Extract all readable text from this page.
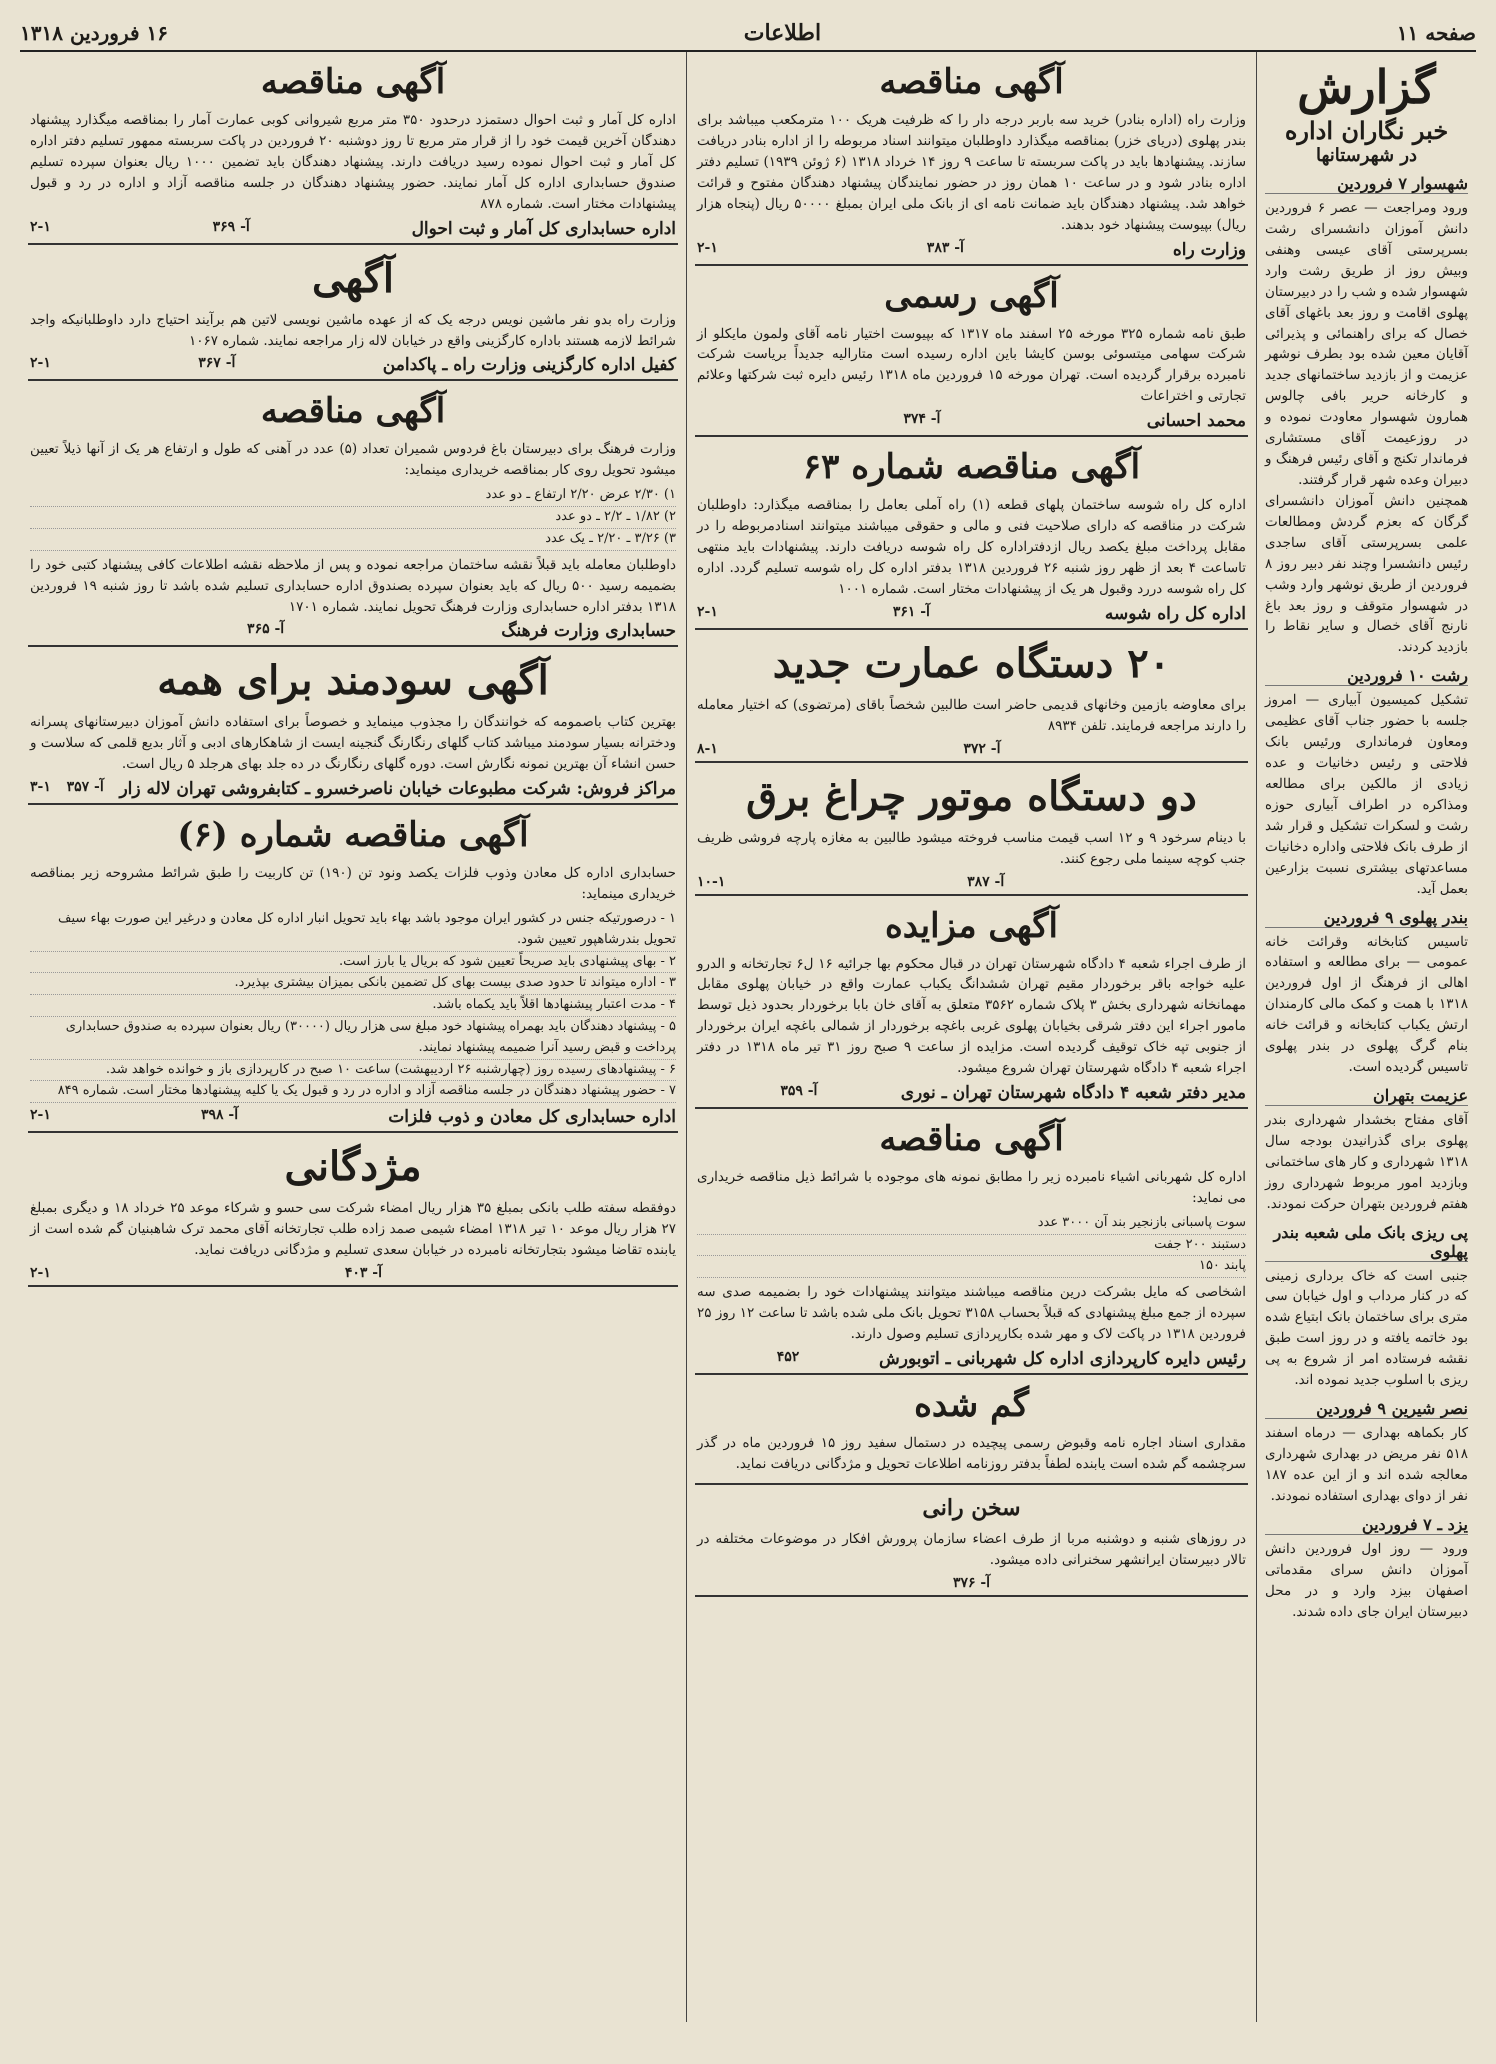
صفحه ۱۱
اطلاعات
۱۶ فروردین ۱۳۱۸
گزارش
خبر نگاران اداره
در شهرستانها
شهسوار ۷ فروردین
ورود ومراجعت — عصر ۶ فروردین دانش آموزان دانشسرای رشت بسرپرستی آقای عیسی وهنفی وبیش روز از طریق رشت وارد شهسوار شده و شب را در دبیرستان پهلوی اقامت و روز بعد باغهای آقای خصال که برای راهنمائی و پذیرائی آقایان معین شده بود بطرف نوشهر عزیمت و از بازدید ساختمانهای جدید و کارخانه حریر بافی چالوس همارون شهسوار معاودت نموده و در روزعیمت آقای مستشاری فرماندار تکنج و آقای رئیس فرهنگ و دبیران وعده شهر قرار گرفتند.
همچنین دانش آموزان دانشسرای گرگان که بعزم گردش ومطالعات علمی بسرپرستی آقای ساجدی رئیس دانشسرا وچند نفر دبیر روز ۸ فروردین از طریق نوشهر وارد وشب در شهسوار متوقف و روز بعد باغ نارنج آقای خصال و سایر نقاط را بازدید کردند.
رشت ۱۰ فروردین
تشکیل کمیسیون آبیاری — امروز جلسه با حضور جناب آقای عظیمی ومعاون فرمانداری ورئیس بانک فلاحتی و رئیس دخانیات و عده زیادی از مالکین برای مطالعه ومذاکره در اطراف آبیاری حوزه رشت و لسکرات تشکیل و قرار شد از طرف بانک فلاحتی واداره دخانیات مساعدتهای بیشتری نسبت بزارعین بعمل آید.
بندر پهلوی ۹ فروردین
تاسیس کتابخانه وقرائت خانه عمومی — برای مطالعه و استفاده اهالی از فرهنگ از اول فروردین ۱۳۱۸ با همت و کمک مالی کارمندان ارتش یکباب کتابخانه و قرائت خانه بنام گرگ پهلوی در بندر پهلوی تاسیس گردیده است.
عزیمت بتهران
آقای مفتاح بخشدار شهرداری بندر پهلوی برای گذرانیدن بودجه سال ۱۳۱۸ شهرداری و کار های ساختمانی وبازدید امور مربوط شهرداری روز هفتم فروردین بتهران حرکت نمودند.
پی ریزی بانک ملی شعبه بندر پهلوی
جنبی است که خاک برداری زمینی که در کنار مرداب و اول خیابان سی متری برای ساختمان بانک ابتیاع شده بود خاتمه یافته و در روز است طبق نقشه فرستاده امر از شروع به پی ریزی با اسلوب جدید نموده اند.
نصر شیرین ۹ فروردین
کار بکماهه بهداری — درماه اسفند ۵۱۸ نفر مریض در بهداری شهرداری معالجه شده اند و از این عده ۱۸۷ نفر از دوای بهداری استفاده نمودند.
یزد ـ ۷ فروردین
ورود — روز اول فروردین دانش آموزان دانش سرای مقدماتی اصفهان بیزد وارد و در محل دبیرستان ایران جای داده شدند.
آگهی مناقصه
وزارت راه (اداره بنادر) خرید سه باربر درجه دار را که ظرفیت هریک ۱۰۰ مترمکعب میباشد برای بندر پهلوی (دریای خزر) بمناقصه میگذارد داوطلبان میتوانند اسناد مربوطه را از اداره بنادر دریافت سازند. پیشنهادها باید در پاکت سربسته تا ساعت ۹ روز ۱۴ خرداد ۱۳۱۸ (۶ ژوئن ۱۹۳۹) تسلیم دفتر اداره بنادر شود و در ساعت ۱۰ همان روز در حضور نمایندگان پیشنهاد دهندگان مفتوح و قرائت خواهد شد. پیشنهاد دهندگان باید ضمانت نامه ای از بانک ملی ایران بمبلغ ۵۰۰۰۰ ریال (پنجاه هزار ریال) بپیوست پیشنهاد خود بدهند.
وزارت راه
آ- ۳۸۳
۲-۱
آگهی رسمی
طبق نامه شماره ۳۲۵ مورخه ۲۵ اسفند ماه ۱۳۱۷ که بپیوست اختیار نامه آقای ولمون مایکلو از شرکت سهامی میتسوئی بوسن کایشا باین اداره رسیده است متارالیه جدیداً بریاست شرکت نامبرده برقرار گردیده است. تهران مورخه ۱۵ فروردین ماه ۱۳۱۸ رئیس دایره ثبت شرکتها وعلائم تجارتی و اختراعات
محمد احسانی
آ- ۳۷۴
آگهی مناقصه شماره ۶۳
اداره کل راه شوسه ساختمان پلهای قطعه (۱) راه آملی بعامل را بمناقصه میگذارد: داوطلبان شرکت در مناقصه که دارای صلاحیت فنی و مالی و حقوقی میباشند میتوانند اسنادمربوطه را در مقابل پرداخت مبلغ یکصد ریال ازدفتراداره کل راه شوسه دریافت دارند. پیشنهادات باید منتهی تاساعت ۴ بعد از ظهر روز شنبه ۲۶ فروردین ۱۳۱۸ بدفتر اداره کل راه شوسه تسلیم گردد. اداره کل راه شوسه دررد وقبول هر یک از پیشنهادات مختار است. شماره ۱۰۰۱
اداره کل راه شوسه
آ- ۳۶۱
۲-۱
۲۰ دستگاه عمارت جدید
برای معاوضه بازمین وخانهای قدیمی حاضر است طالبین شخصاً باقای (مرتضوی) که اختیار معامله را دارند مراجعه فرمایند. تلفن ۸۹۳۴
آ- ۳۷۲
۸-۱
دو دستگاه موتور چراغ برق
با دینام سرخود ۹ و ۱۲ اسب قیمت مناسب فروخته میشود طالبین به مغازه پارچه فروشی ظریف جنب کوچه سینما ملی رجوع کنند.
آ- ۳۸۷
۱۰-۱
آگهی مزایده
از طرف اجراء شعبه ۴ دادگاه شهرستان تهران در قبال محکوم بها جرائیه ۱۶ ل۶ تجارتخانه و الدرو علیه خواجه باقر برخوردار مقیم تهران ششدانگ یکباب عمارت واقع در خیابان پهلوی مقابل مهمانخانه شهرداری بخش ۳ پلاک شماره ۳۵۶۲ متعلق به آقای خان بابا برخوردار بحدود ذیل توسط مامور اجراء این دفتر شرقی بخیابان پهلوی غربی باغچه برخوردار از شمالی باغچه ایران برخوردار از جنوبی تپه خاک توقیف گردیده است. مزایده از ساعت ۹ صبح روز ۳۱ تیر ماه ۱۳۱۸ در دفتر اجراء شعبه ۴ دادگاه شهرستان تهران شروع میشود.
مدیر دفتر شعبه ۴ دادگاه شهرستان تهران ـ نوری
آ- ۳۵۹
آگهی مناقصه
اداره کل شهربانی اشیاء نامبرده زیر را مطابق نمونه های موجوده با شرائط ذیل مناقصه خریداری می نماید:
سوت پاسبانی بازنجیر بند آن ۳۰۰۰ عدد
دستبند ۲۰۰ جفت
پابند ۱۵۰
اشخاصی که مایل بشرکت درین مناقصه میباشند میتوانند پیشنهادات خود را بضمیمه صدی سه سپرده از جمع مبلغ پیشنهادی که قبلاً بحساب ۳۱۵۸ تحویل بانک ملی شده باشد تا ساعت ۱۲ روز ۲۵ فروردین ۱۳۱۸ در پاکت لاک و مهر شده بکارپردازی تسلیم وصول دارند.
رئیس دایره کارپردازی اداره کل شهربانی ـ اتوبورش
۴۵۲
گم شده
مقداری اسناد اجاره نامه وقبوض رسمی پیچیده در دستمال سفید روز ۱۵ فروردین ماه در گذر سرچشمه گم شده است یابنده لطفاً بدفتر روزنامه اطلاعات تحویل و مژدگانی دریافت نماید.
سخن رانی
در روزهای شنبه و دوشنبه مربا از طرف اعضاء سازمان پرورش افکار در موضوعات مختلفه در تالار دبیرستان ایرانشهر سخنرانی داده میشود.
آ- ۳۷۶
آگهی مناقصه
اداره کل آمار و ثبت احوال دستمزد درحدود ۳۵۰ متر مربع شیروانی کوبی عمارت آمار را بمناقصه میگذارد پیشنهاد دهندگان آخرین قیمت خود را از قرار متر مربع تا روز دوشنبه ۲۰ فروردین در پاکت سربسته ممهور تسلیم دفتر اداره کل آمار و ثبت احوال نموده رسید دریافت دارند. پیشنهاد دهندگان باید تضمین ۱۰۰۰ ریال بعنوان سپرده تسلیم صندوق حسابداری اداره کل آمار نمایند. حضور پیشنهاد دهندگان در جلسه مناقصه آزاد و اداره در رد و قبول پیشنهادات مختار است. شماره ۸۷۸
اداره حسابداری کل آمار و ثبت احوال
آ- ۳۶۹
۲-۱
آگهی
وزارت راه بدو نفر ماشین نویس درجه یک که از عهده ماشین نویسی لاتین هم برآیند احتیاج دارد داوطلبانیکه واجد شرائط لازمه هستند باداره کارگزینی واقع در خیابان لاله زار مراجعه نمایند. شماره ۱۰۶۷
کفیل اداره کارگزینی وزارت راه ـ پاکدامن
آ- ۳۶۷
۲-۱
آگهی مناقصه
وزارت فرهنگ برای دبیرستان باغ فردوس شمیران تعداد (۵) عدد در آهنی که طول و ارتفاع هر یک از آنها ذیلاً تعیین میشود تحویل روی کار بمناقصه خریداری مینماید:
۱) ۲/۳۰ عرض ۲/۲۰ ارتفاع ـ دو عدد
۲) ۱/۸۲ ـ ۲/۲ ـ دو عدد
۳) ۳/۲۶ ـ ۲/۲۰ ـ یک عدد
داوطلبان معامله باید قبلاً نقشه ساختمان مراجعه نموده و پس از ملاحظه نقشه اطلاعات کافی پیشنهاد کتبی خود را بضمیمه رسید ۵۰۰ ریال که باید بعنوان سپرده بصندوق اداره حسابداری تسلیم شده باشد تا روز شنبه ۱۹ فروردین ۱۳۱۸ بدفتر اداره حسابداری وزارت فرهنگ تحویل نمایند. شماره ۱۷۰۱
حسابداری وزارت فرهنگ
آ- ۳۶۵
آگهی سودمند برای همه
بهترین کتاب باصمومه که خوانندگان را مجذوب مینماید و خصوصاً برای استفاده دانش آموزان دبیرستانهای پسرانه ودخترانه بسیار سودمند میباشد کتاب گلهای رنگارنگ گنجینه ایست از شاهکارهای ادبی و آثار بدیع قلمی که سلاست و حسن انشاء آن بهترین نمونه نگارش است. دوره گلهای رنگارنگ در ده جلد بهای هرجلد ۵ ریال است.
مراکز فروش: شرکت مطبوعات خیابان ناصرخسرو ـ کتابفروشی تهران لاله زار
آ- ۳۵۷
۳-۱
آگهی مناقصه شماره (۶)
حسابداری اداره کل معادن وذوب فلزات یکصد ونود تن (۱۹۰) تن کاربیت را طبق شرائط مشروحه زیر بمناقصه خریداری مینماید:
۱ - درصورتیکه جنس در کشور ایران موجود باشد بهاء باید تحویل انبار اداره کل معادن و درغیر این صورت بهاء سیف تحویل بندرشاهپور تعیین شود.
۲ - بهای پیشنهادی باید صریحاً تعیین شود که بریال یا بارز است.
۳ - اداره میتواند تا حدود صدی بیست بهای کل تضمین بانکی بمیزان بیشتری بپذیرد.
۴ - مدت اعتبار پیشنهادها اقلاً باید یکماه باشد.
۵ - پیشنهاد دهندگان باید بهمراه پیشنهاد خود مبلغ سی هزار ریال (۳۰۰۰۰) ریال بعنوان سپرده به صندوق حسابداری پرداخت و قبض رسید آنرا ضمیمه پیشنهاد نمایند.
۶ - پیشنهادهای رسیده روز (چهارشنبه ۲۶ اردیبهشت) ساعت ۱۰ صبح در کارپردازی باز و خوانده خواهد شد.
۷ - حضور پیشنهاد دهندگان در جلسه مناقصه آزاد و اداره در رد و قبول یک یا کلیه پیشنهادها مختار است. شماره ۸۴۹
اداره حسابداری کل معادن و ذوب فلزات
آ- ۳۹۸
۲-۱
مژدگانی
دوفقطه سفته طلب بانکی بمبلغ ۳۵ هزار ریال امضاء شرکت سی حسو و شرکاء موعد ۲۵ خرداد ۱۸ و دیگری بمبلغ ۲۷ هزار ریال موعد ۱۰ تیر ۱۳۱۸ امضاء شیمی صمد زاده طلب تجارتخانه آقای محمد ترک شاهبنیان گم شده است از یابنده تقاضا میشود بتجارتخانه نامبرده در خیابان سعدی تسلیم و مژدگانی دریافت نماید.
آ- ۴۰۳
۲-۱
